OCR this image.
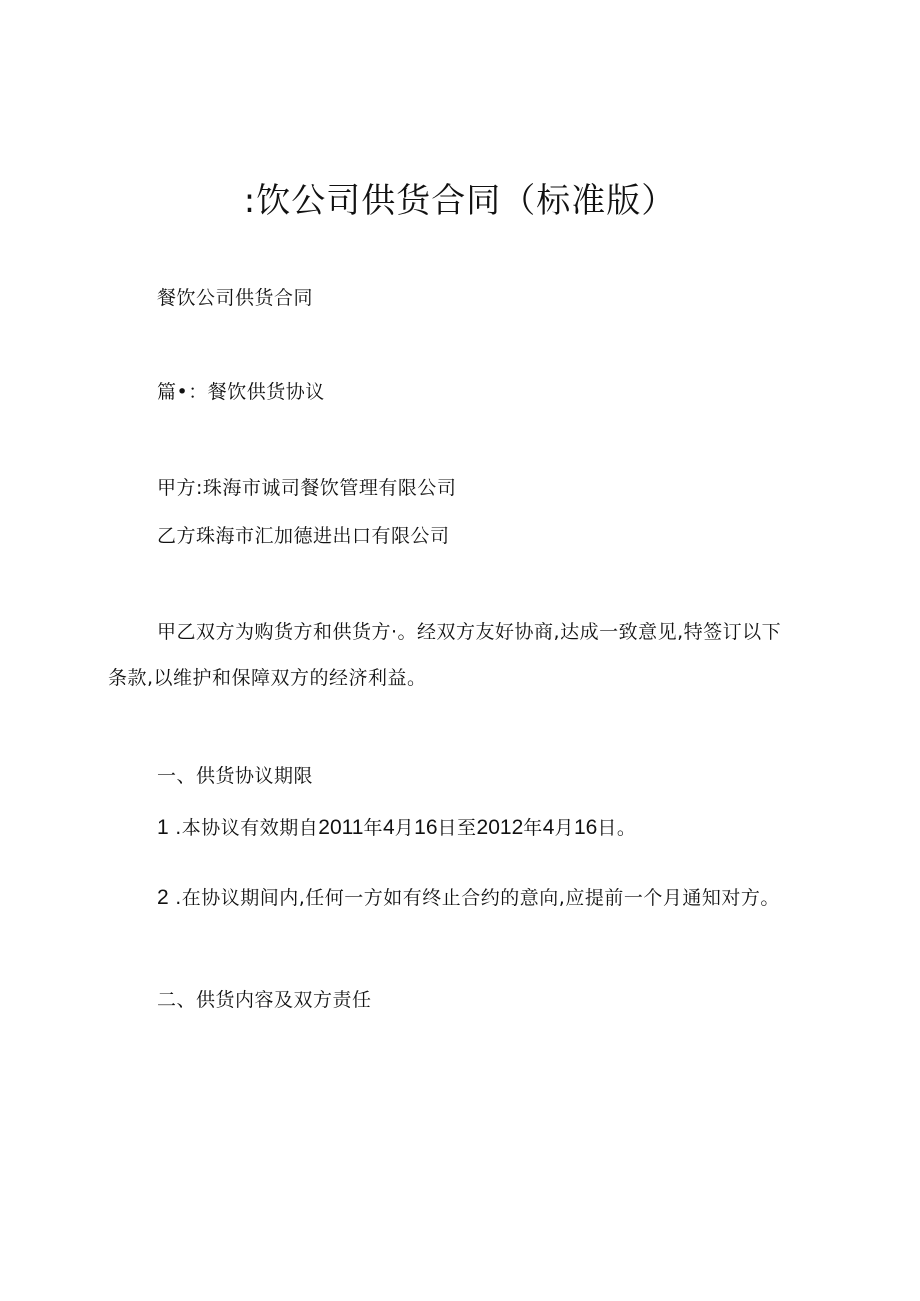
:饮公司供货合同（标准版）
餐饮公司供货合同
篇•：餐饮供货协议
甲方:珠海市诚司餐饮管理有限公司
乙方珠海市汇加德进出口有限公司
甲乙双方为购货方和供货方·。经双方友好协商,达成一致意见,特签订以下
条款,以维护和保障双方的经济利益。
一、供货协议期限
1 .本协议有效期自2011年4月16日至2012年4月16日。
2 .在协议期间内,任何一方如有终止合约的意向,应提前一个月通知对方。
二、供货内容及双方责任
